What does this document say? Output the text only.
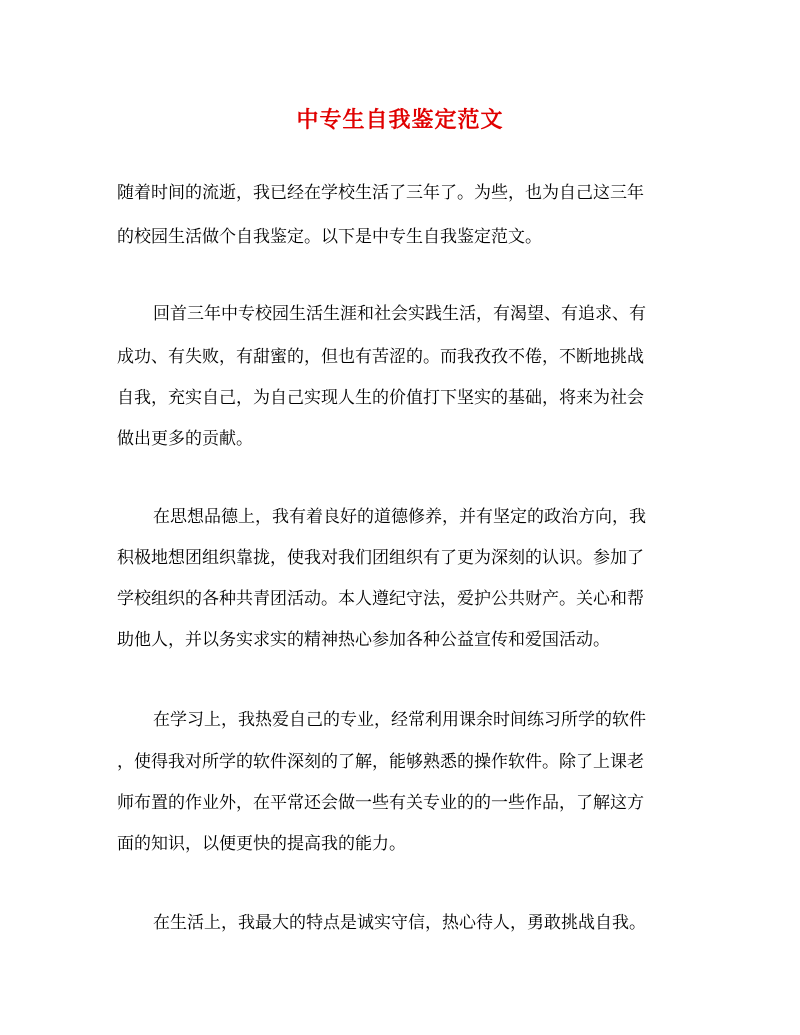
中专生自我鉴定范文
随着时间的流逝，我已经在学校生活了三年了。为些，也为自己这三年
的校园生活做个自我鉴定。以下是中专生自我鉴定范文。
回首三年中专校园生活生涯和社会实践生活，有渴望、有追求、有
成功、有失败，有甜蜜的，但也有苦涩的。而我孜孜不倦，不断地挑战
自我，充实自己，为自己实现人生的价值打下坚实的基础，将来为社会
做出更多的贡献。
在思想品德上，我有着良好的道德修养，并有坚定的政治方向，我
积极地想团组织靠拢，使我对我们团组织有了更为深刻的认识。参加了
学校组织的各种共青团活动。本人遵纪守法，爱护公共财产。关心和帮
助他人，并以务实求实的精神热心参加各种公益宣传和爱国活动。
在学习上，我热爱自己的专业，经常利用课余时间练习所学的软件
，使得我对所学的软件深刻的了解，能够熟悉的操作软件。除了上课老
师布置的作业外，在平常还会做一些有关专业的的一些作品，了解这方
面的知识，以便更快的提高我的能力。
在生活上，我最大的特点是诚实守信，热心待人，勇敢挑战自我。
